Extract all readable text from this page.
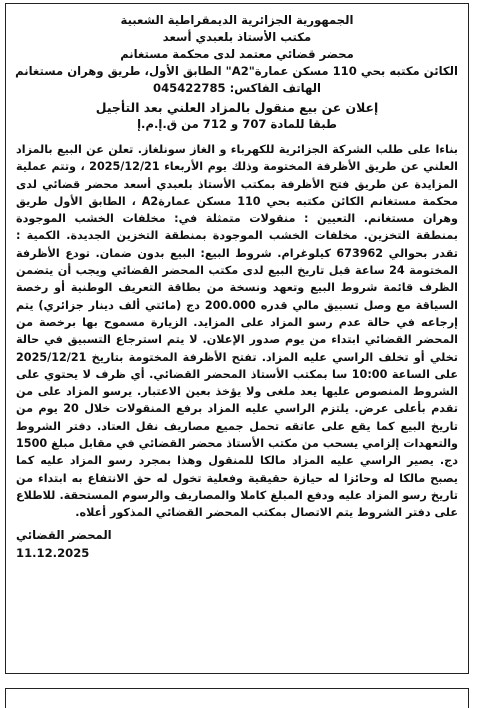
الجمهورية الجزائرية الديمقراطية الشعبية
مكتب الأستاذ بلعبدي أسعد
محضر قضائي معتمد لدى محكمة مستغانم
الكائن مكتبه بحي 110 مسكن عمارة"A2" الطابق الأول، طريق وهران مستغانم
الهاتف الفاكس: 045422785
إعلان عن بيع منقول بالمزاد العلني بعد التأجيل
طبقا للمادة 707 و 712 من ق.إ.م.إ

بناءا على طلب الشركة الجزائرية للكهرباء و الغاز سونلغاز. تعلن عن البيع بالمزاد العلني عن طريق الأظرفة المختومة وذلك يوم الأربعاء 2025/12/21 ، وتتم عملية المزايدة عن طريق فتح الأظرفة بمكتب الأستاذ بلعبدي أسعد محضر قضائي لدى محكمة مستغانم الكائن مكتبه بحي 110 مسكن عمارةA2 ، الطابق الأول طريق وهران مستغانم. التعيين : منقولات متمثلة في: مخلفات الخشب الموجودة بمنطقة التخزين. مخلفات الخشب الموجودة بمنطقة التخزين الجديدة. الكمية : تقدر بحوالي 673962 كيلوغرام. شروط البيع: البيع بدون ضمان. تودع الأظرفة المختومة 24 ساعة قبل تاريخ البيع لدى مكتب المحضر القضائي ويجب أن يتضمن الظرف قائمة شروط البيع وتعهد ونسخة من بطاقة التعريف الوطنية أو رخصة السياقة مع وصل تسبيق مالي قدره 200.000 دج (مائتي ألف دينار جزائري) يتم إرجاعه في حالة عدم رسو المزاد على المزايد. الزيارة مسموح بها برخصة من المحضر القضائي ابتداء من يوم صدور الإعلان. لا يتم استرجاع التسبيق في حالة تخلي أو تخلف الراسي عليه المزاد. تفتح الأظرفة المختومة بتاريخ 2025/12/21 على الساعة 10:00 سا بمكتب الأستاذ المحضر القضائي. أي ظرف لا يحتوي على الشروط المنصوص عليها يعد ملغى ولا يؤخذ بعين الاعتبار. يرسو المزاد على من تقدم بأعلى عرض. يلتزم الراسي عليه المزاد برفع المنقولات خلال 20 يوم من تاريخ البيع كما يقع على عاتقه تحمل جميع مصاريف نقل العتاد. دفتر الشروط والتعهدات إلزامي يسحب من مكتب الأستاذ محضر القضائي في مقابل مبلغ 1500 دج. يصير الراسي عليه المزاد مالكا للمنقول وهذا بمجرد رسو المزاد عليه كما يصبح مالكا له وحائزا له حيازة حقيقية وفعلية تخول له حق الانتفاع به ابتداء من تاريخ رسو المزاد عليه ودفع المبلغ كاملا والمصاريف والرسوم المستحقة. للاطلاع على دفتر الشروط يتم الاتصال بمكتب المحضر القضائي المذكور أعلاه.

المحضر القضائي
11.12.2025
